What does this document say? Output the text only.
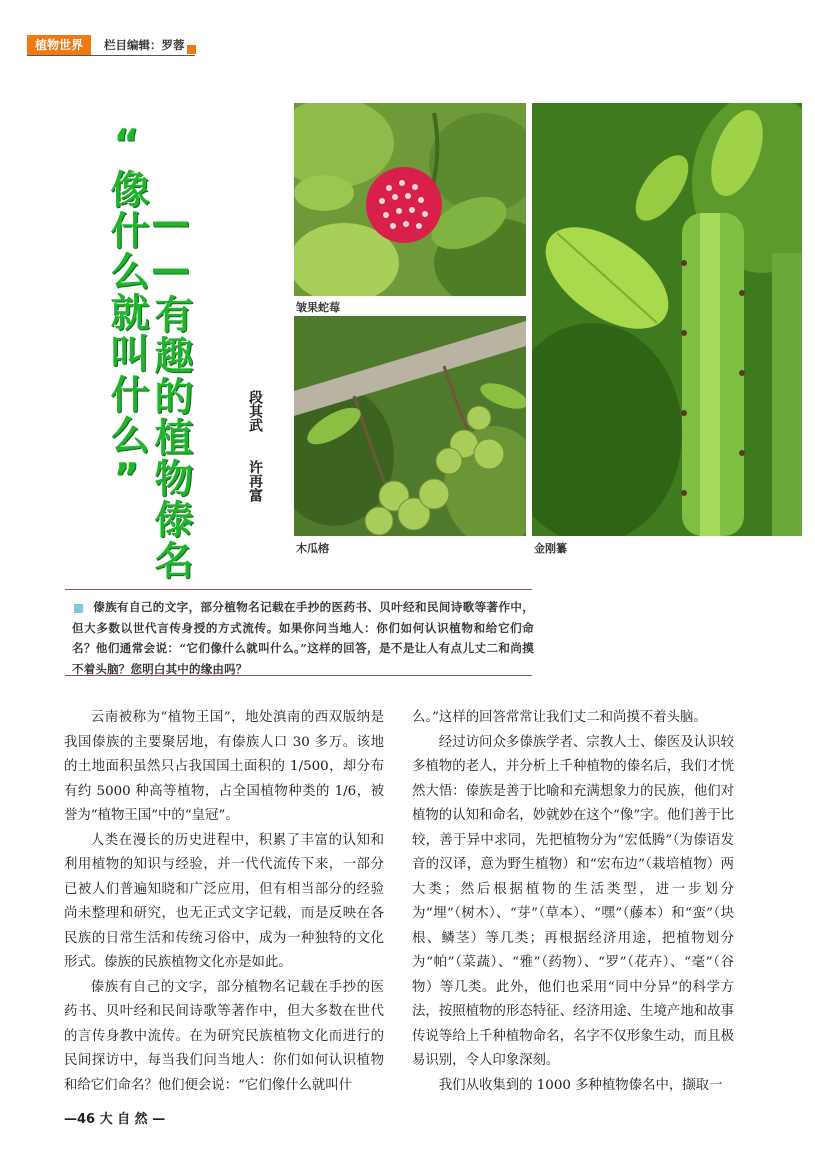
植物世界	栏目编辑：罗蓉
“像什么就叫什么” ——有趣的植物傣名	段其武
许再富
皱果蛇莓
木瓜榕	金刚纂
傣族有自己的文字，部分植物名记载在手抄的医药书、贝叶经和民间诗歌等著作中，但大多数以世代言传身授的方式流传。如果你问当地人：你们如何认识植物和给它们命名？他们通常会说：“它们像什么就叫什么。”这样的回答，是不是让人有点儿丈二和尚摸不着头脑？您明白其中的缘由吗？

云南被称为“植物王国”，地处滇南的西双版纳是我国傣族的主要聚居地，有傣族人口 30 多万。该地的土地面积虽然只占我国国土面积的 1/500，却分布有约 5000 种高等植物，占全国植物种类的 1/6，被誉为“植物王国”中的“皇冠”。

人类在漫长的历史进程中，积累了丰富的认知和利用植物的知识与经验，并一代代流传下来，一部分已被人们普遍知晓和广泛应用，但有相当部分的经验尚未整理和研究，也无正式文字记载，而是反映在各民族的日常生活和传统习俗中，成为一种独特的文化形式。傣族的民族植物文化亦是如此。

傣族有自己的文字，部分植物名记载在手抄的医药书、贝叶经和民间诗歌等著作中，但大多数在世代的言传身教中流传。在为研究民族植物文化而进行的民间探访中，每当我们问当地人：你们如何认识植物和给它们命名？他们便会说：“它们像什么就叫什

么。”这样的回答常常让我们丈二和尚摸不着头脑。

经过访问众多傣族学者、宗教人士、傣医及认识较多植物的老人，并分析上千种植物的傣名后，我们才恍然大悟：傣族是善于比喻和充满想象力的民族，他们对植物的认知和命名，妙就妙在这个“像”字。他们善于比较，善于异中求同，先把植物分为“宏低腾”（为傣语发音的汉译，意为野生植物）和“宏布边”（栽培植物）两大类；然后根据植物的生活类型，进一步划分为“埋”（树木）、“芽”（草本）、“嘿”（藤本）和“蛮”（块根、鳞茎）等几类；再根据经济用途，把植物划分为“帕”（菜蔬）、“雅”（药物）、“罗”（花卉）、“毫”（谷物）等几类。此外，他们也采用“同中分异”的科学方法，按照植物的形态特征、经济用途、生境产地和故事传说等给上千种植物命名，名字不仅形象生动，而且极易识别，令人印象深刻。

我们从收集到的 1000 多种植物傣名中，撷取一

—46 大 自 然 —
